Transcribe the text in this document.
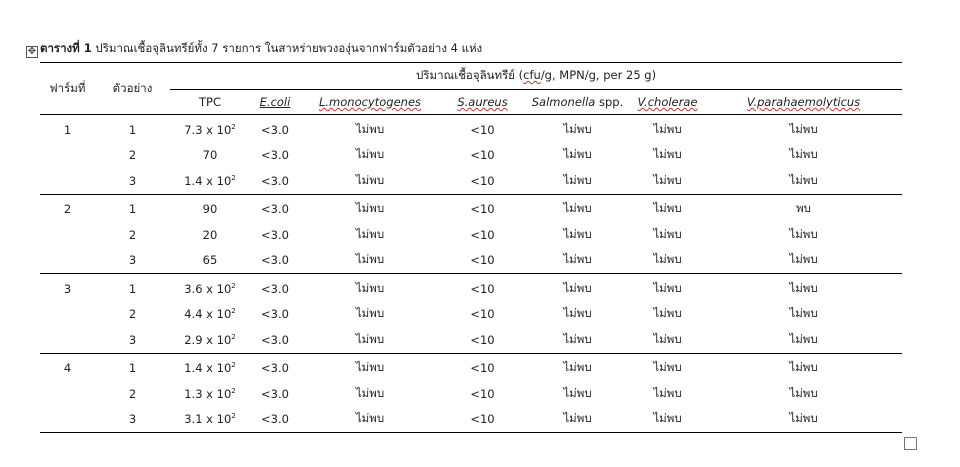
✥ ตารางที่ 1 ปริมาณเชื้อจุลินทรีย์ทั้ง 7 รายการ ในสาหร่ายพวงองุ่นจากฟาร์มตัวอย่าง 4 แห่ง
ฟาร์มที่	ตัวอย่าง	ปริมาณเชื้อจุลินทรีย์ (cfu/g, MPN/g, per 25 g)						
		TPC	E.coli	L.monocytogenes	S.aureus	Salmonella spp.	V.cholerae	V.parahaemolyticus
1	1	7.3 x $10^2$	<3.0	ไม่พบ	<10	ไม่พบ	ไม่พบ	ไม่พบ
	2	70	<3.0	ไม่พบ	<10	ไม่พบ	ไม่พบ	ไม่พบ
	3	1.4 x $10^2$	<3.0	ไม่พบ	<10	ไม่พบ	ไม่พบ	ไม่พบ
2	1	90	<3.0	ไม่พบ	<10	ไม่พบ	ไม่พบ	พบ
	2	20	<3.0	ไม่พบ	<10	ไม่พบ	ไม่พบ	ไม่พบ
	3	65	<3.0	ไม่พบ	<10	ไม่พบ	ไม่พบ	ไม่พบ
3	1	3.6 x $10^2$	<3.0	ไม่พบ	<10	ไม่พบ	ไม่พบ	ไม่พบ
	2	4.4 x $10^2$	<3.0	ไม่พบ	<10	ไม่พบ	ไม่พบ	ไม่พบ
	3	2.9 x $10^2$	<3.0	ไม่พบ	<10	ไม่พบ	ไม่พบ	ไม่พบ
4	1	1.4 x $10^2$	<3.0	ไม่พบ	<10	ไม่พบ	ไม่พบ	ไม่พบ
	2	1.3 x $10^2$	<3.0	ไม่พบ	<10	ไม่พบ	ไม่พบ	ไม่พบ
	3	3.1 x $10^2$	<3.0	ไม่พบ	<10	ไม่พบ	ไม่พบ	ไม่พบ
